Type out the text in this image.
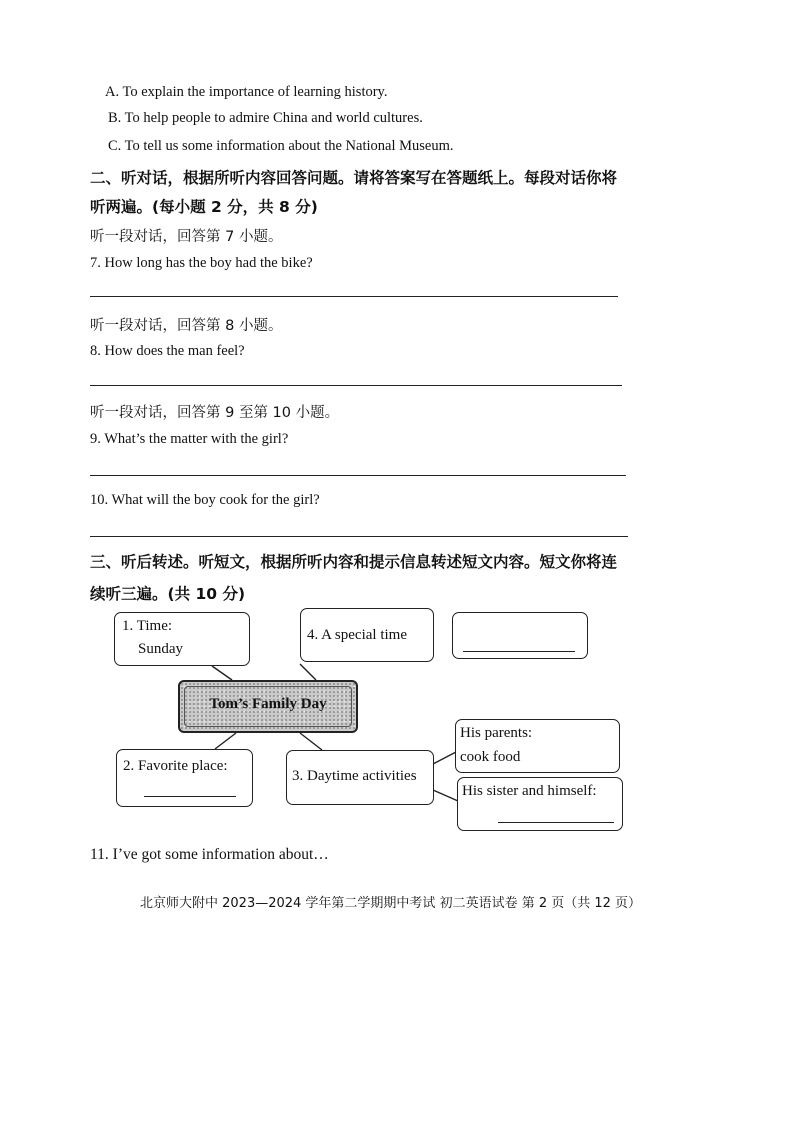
A. To explain the importance of learning history.
B. To help people to admire China and world cultures.
C. To tell us some information about the National Museum.
二、听对话，根据所听内容回答问题。请将答案写在答题纸上。每段对话你将
听两遍。(每小题 2 分，共 8 分)
听一段对话，回答第 7 小题。
7. How long has the boy had the bike?
听一段对话，回答第 8 小题。
8. How does the man feel?
听一段对话，回答第 9 至第 10 小题。
9. What’s the matter with the girl?
10. What will the boy cook for the girl?
三、听后转述。听短文，根据所听内容和提示信息转述短文内容。短文你将连
续听三遍。(共 10 分)
1. Time:
Sunday
4. A special time
Tom’s Family Day
2. Favorite place:
3. Daytime activities
His parents:
cook food
His sister and himself:
11. I’ve got some information about…
北京师大附中 2023—2024 学年第二学期期中考试 初二英语试卷 第 2 页（共 12 页）
